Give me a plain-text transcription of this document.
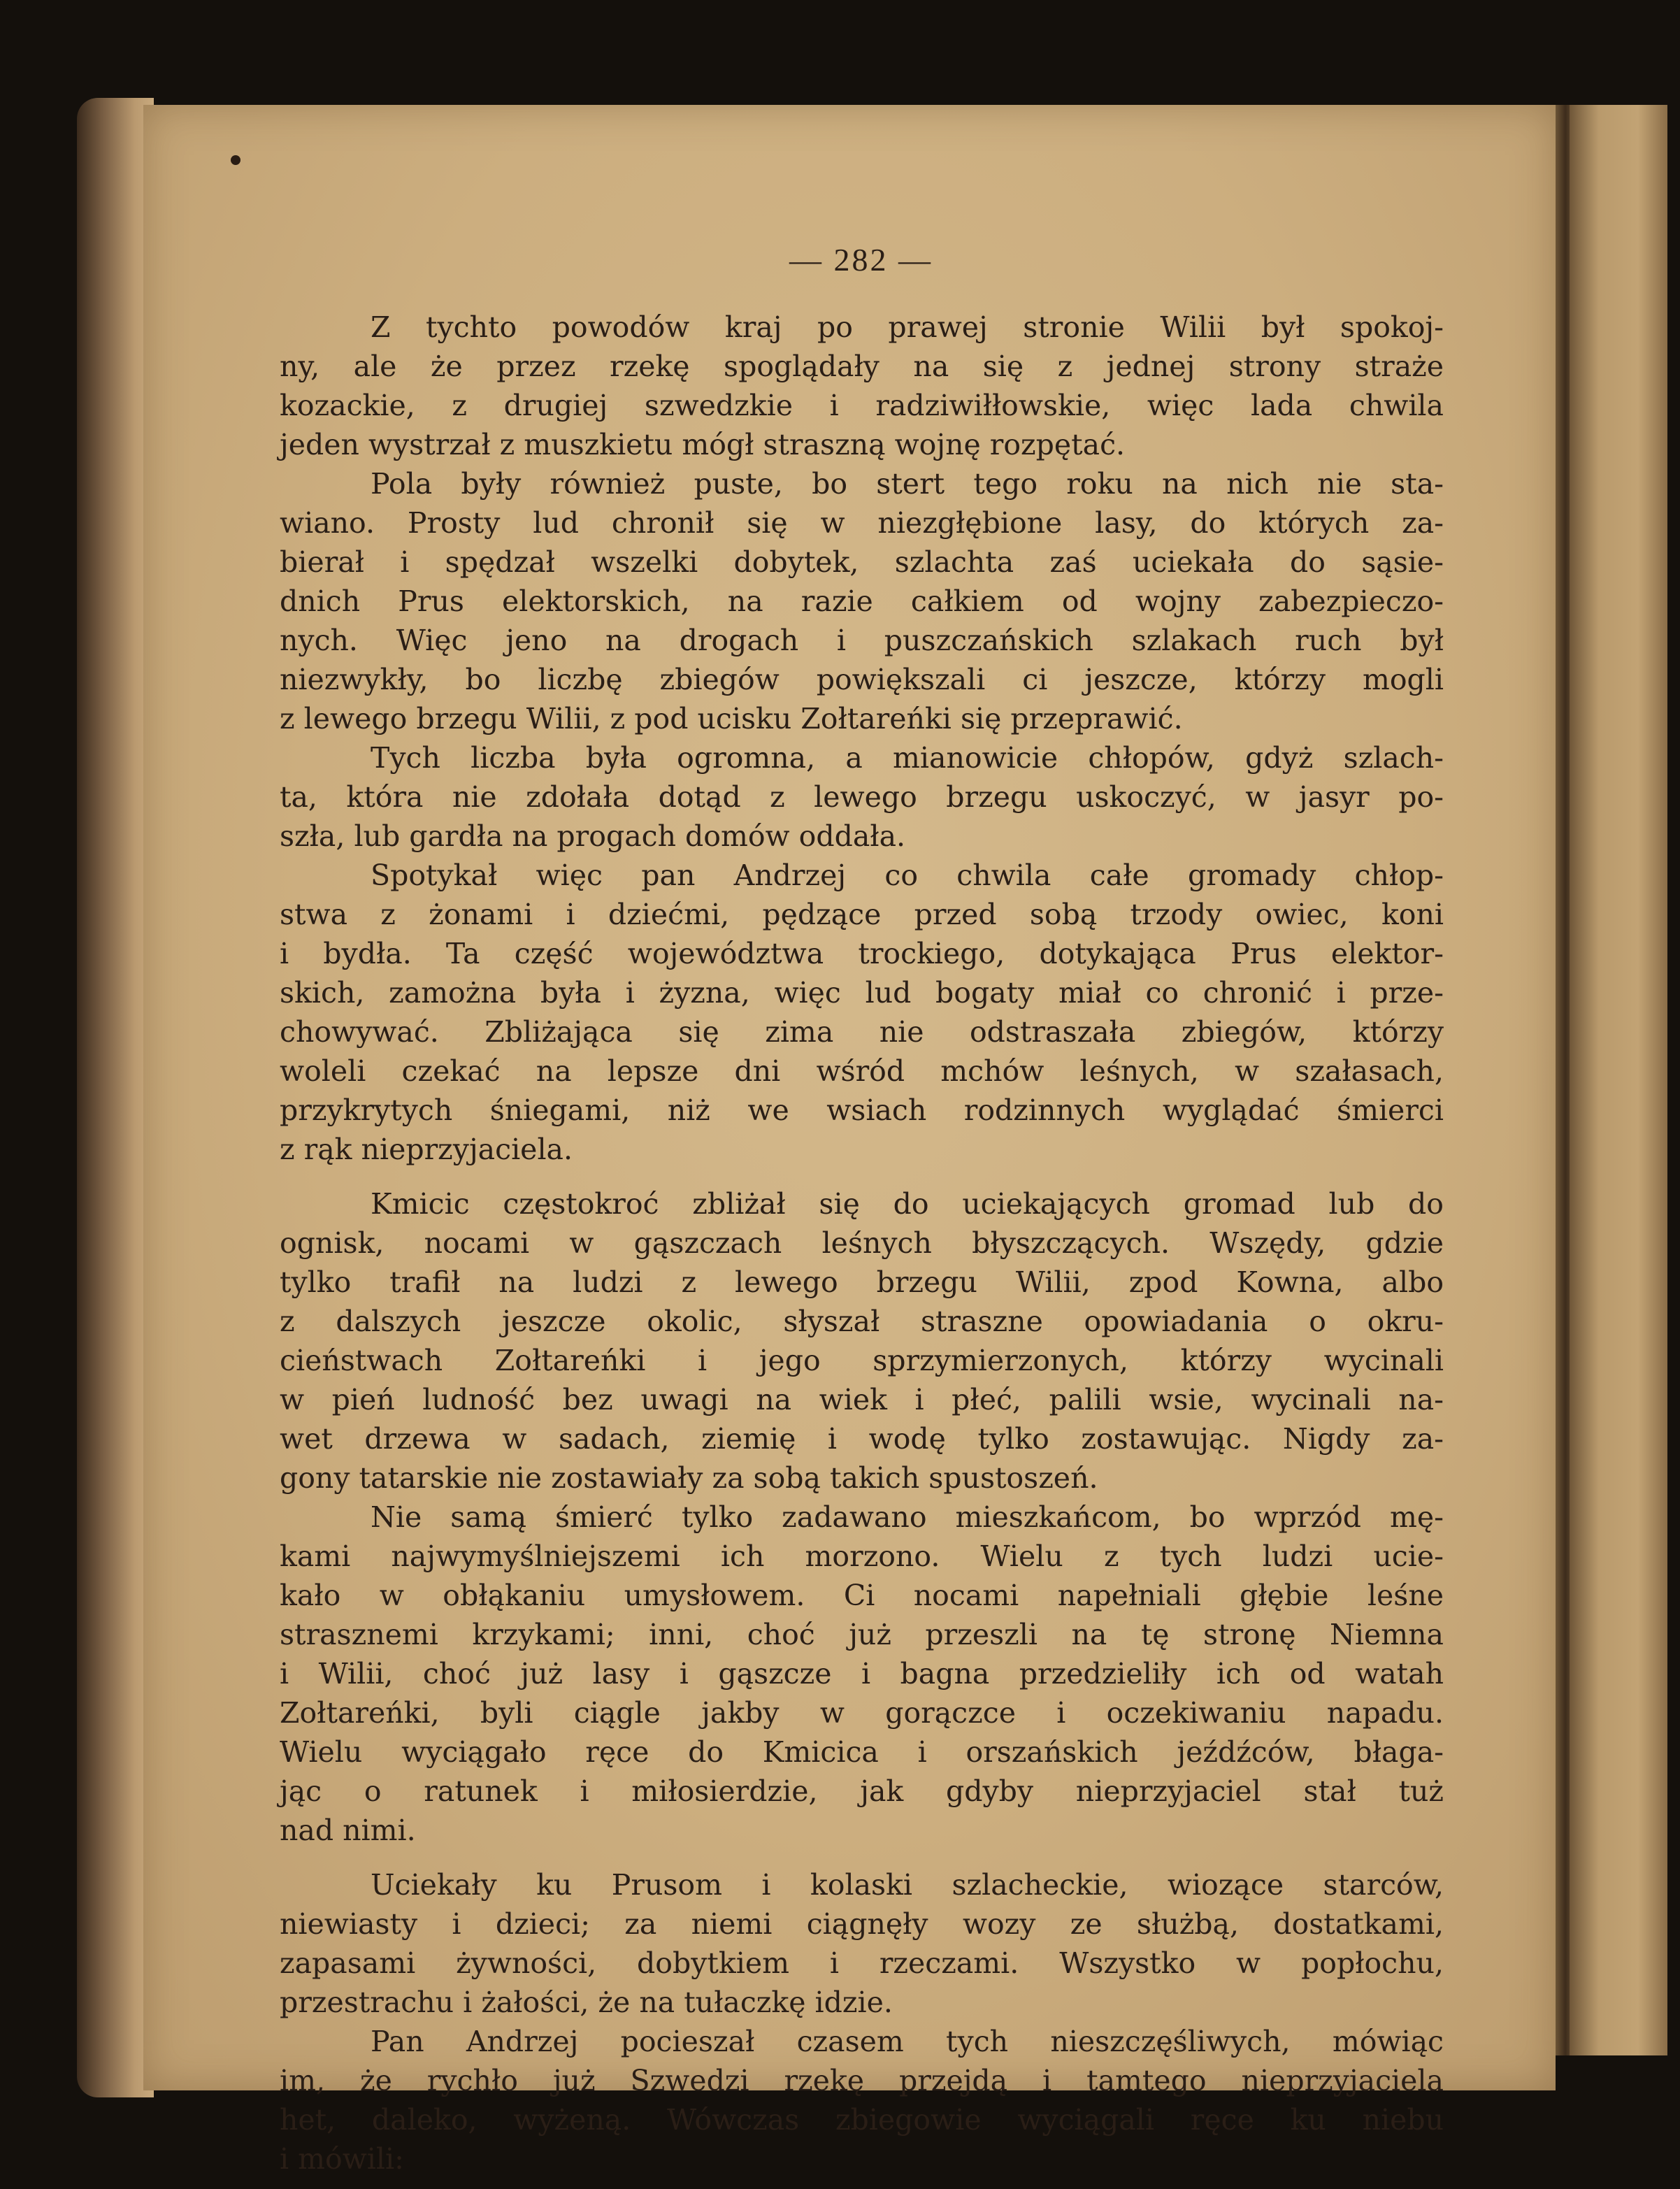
— 282 —

Z tychto powodów kraj po prawej stronie Wilii był spokoj-
ny, ale że przez rzekę spoglądały na się z jednej strony straże
kozackie, z drugiej szwedzkie i radziwiłłowskie, więc lada chwila
jeden wystrzał z muszkietu mógł straszną wojnę rozpętać.

Pola były również puste, bo stert tego roku na nich nie sta-
wiano. Prosty lud chronił się w niezgłębione lasy, do których za-
bierał i spędzał wszelki dobytek, szlachta zaś uciekała do sąsie-
dnich Prus elektorskich, na razie całkiem od wojny zabezpieczo-
nych. Więc jeno na drogach i puszczańskich szlakach ruch był
niezwykły, bo liczbę zbiegów powiększali ci jeszcze, którzy mogli
z lewego brzegu Wilii, z pod ucisku Zołtareńki się przeprawić.

Tych liczba była ogromna, a mianowicie chłopów, gdyż szlach-
ta, która nie zdołała dotąd z lewego brzegu uskoczyć, w jasyr po-
szła, lub gardła na progach domów oddała.

Spotykał więc pan Andrzej co chwila całe gromady chłop-
stwa z żonami i dziećmi, pędzące przed sobą trzody owiec, koni
i bydła. Ta część województwa trockiego, dotykająca Prus elektor-
skich, zamożna była i żyzna, więc lud bogaty miał co chronić i prze-
chowywać. Zbliżająca się zima nie odstraszała zbiegów, którzy
woleli czekać na lepsze dni wśród mchów leśnych, w szałasach,
przykrytych śniegami, niż we wsiach rodzinnych wyglądać śmierci
z rąk nieprzyjaciela.

Kmicic częstokroć zbliżał się do uciekających gromad lub do
ognisk, nocami w gąszczach leśnych błyszczących. Wszędy, gdzie
tylko trafił na ludzi z lewego brzegu Wilii, zpod Kowna, albo
z dalszych jeszcze okolic, słyszał straszne opowiadania o okru-
cieństwach Zołtareńki i jego sprzymierzonych, którzy wycinali
w pień ludność bez uwagi na wiek i płeć, palili wsie, wycinali na-
wet drzewa w sadach, ziemię i wodę tylko zostawując. Nigdy za-
gony tatarskie nie zostawiały za sobą takich spustoszeń.

Nie samą śmierć tylko zadawano mieszkańcom, bo wprzód mę-
kami najwymyślniejszemi ich morzono. Wielu z tych ludzi ucie-
kało w obłąkaniu umysłowem. Ci nocami napełniali głębie leśne
strasznemi krzykami; inni, choć już przeszli na tę stronę Niemna
i Wilii, choć już lasy i gąszcze i bagna przedzieliły ich od watah
Zołtareńki, byli ciągle jakby w gorączce i oczekiwaniu napadu.
Wielu wyciągało ręce do Kmicica i orszańskich jeźdźców, błaga-
jąc o ratunek i miłosierdzie, jak gdyby nieprzyjaciel stał tuż
nad nimi.

Uciekały ku Prusom i kolaski szlacheckie, wiozące starców,
niewiasty i dzieci; za niemi ciągnęły wozy ze służbą, dostatkami,
zapasami żywności, dobytkiem i rzeczami. Wszystko w popłochu,
przestrachu i żałości, że na tułaczkę idzie.

Pan Andrzej pocieszał czasem tych nieszczęśliwych, mówiąc
im, że rychło już Szwedzi rzekę przejdą i tamtego nieprzyjaciela
het, daleko, wyżeną. Wówczas zbiegowie wyciągali ręce ku niebu
i mówili:
